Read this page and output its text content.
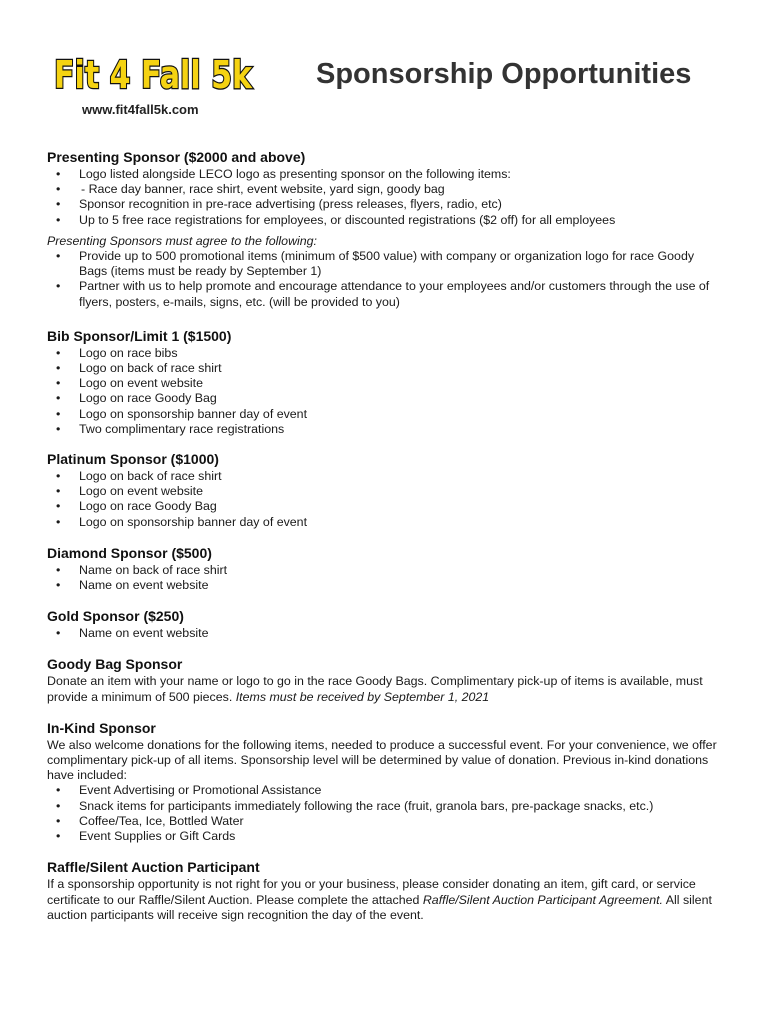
Fit 4 Fall 5k
www.fit4fall5k.com
Sponsorship Opportunities
Presenting Sponsor ($2000 and above)
• Logo listed alongside LECO logo as presenting sponsor on the following items:
• - Race day banner, race shirt, event website, yard sign, goody bag
• Sponsor recognition in pre-race advertising (press releases, flyers, radio, etc)
• Up to 5 free race registrations for employees, or discounted registrations ($2 off) for all employees

Presenting Sponsors must agree to the following:

• Provide up to 500 promotional items (minimum of $500 value) with company or organization logo for race Goody Bags (items must be ready by September 1)
• Partner with us to help promote and encourage attendance to your employees and/or customers through the use of flyers, posters, e-mails, signs, etc. (will be provided to you)
Bib Sponsor/Limit 1 ($1500)
• Logo on race bibs
• Logo on back of race shirt
• Logo on event website
• Logo on race Goody Bag
• Logo on sponsorship banner day of event
• Two complimentary race registrations
Platinum Sponsor ($1000)
• Logo on back of race shirt
• Logo on event website
• Logo on race Goody Bag
• Logo on sponsorship banner day of event
Diamond Sponsor ($500)
• Name on back of race shirt
• Name on event website
Gold Sponsor ($250)
• Name on event website
Goody Bag Sponsor

Donate an item with your name or logo to go in the race Goody Bags. Complimentary pick-up of items is available, must provide a minimum of 500 pieces. Items must be received by September 1, 2021

In-Kind Sponsor

We also welcome donations for the following items, needed to produce a successful event. For your convenience, we offer complimentary pick-up of all items. Sponsorship level will be determined by value of donation. Previous in-kind donations have included:

• Event Advertising or Promotional Assistance
• Snack items for participants immediately following the race (fruit, granola bars, pre-package snacks, etc.)
• Coffee/Tea, Ice, Bottled Water
• Event Supplies or Gift Cards
Raffle/Silent Auction Participant

If a sponsorship opportunity is not right for you or your business, please consider donating an item, gift card, or service certificate to our Raffle/Silent Auction. Please complete the attached Raffle/Silent Auction Participant Agreement. All silent auction participants will receive sign recognition the day of the event.
